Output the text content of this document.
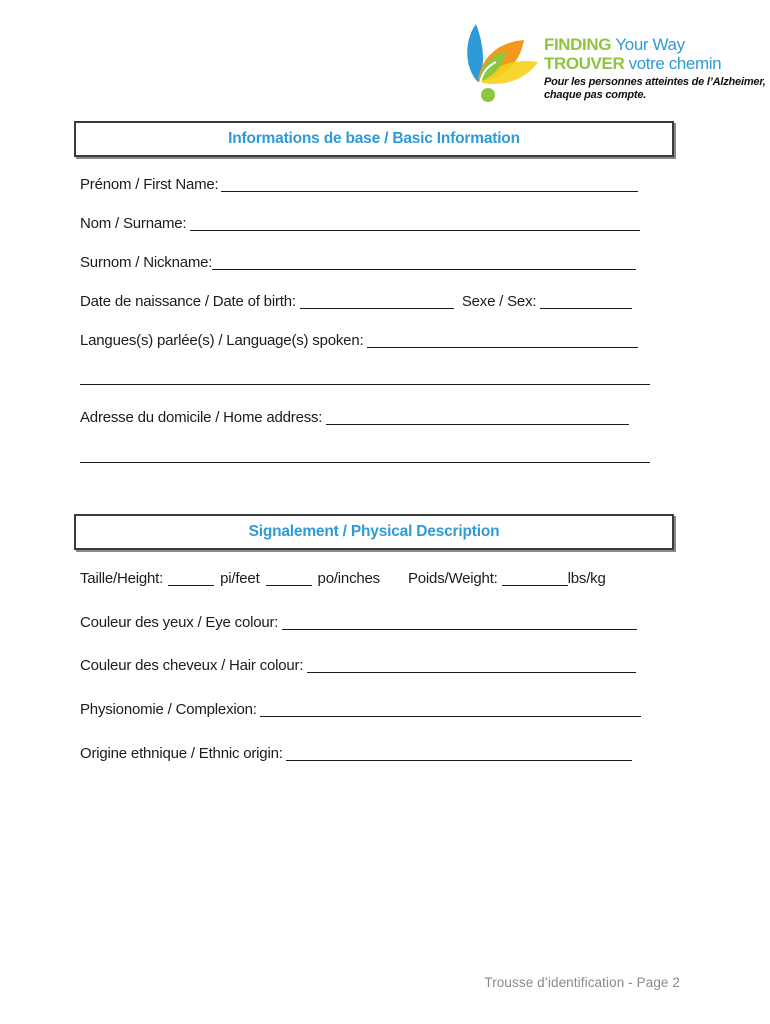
FINDING Your Way
TROUVER votre chemin
Pour les personnes atteintes de l’Alzheimer,
chaque pas compte.
Informations de base / Basic Information
Prénom / First Name:
Nom / Surname:
Surnom / Nickname:
Date de naissance / Date of birth:	Sexe / Sex:
Langues(s) parlée(s) / Language(s) spoken:
Adresse du domicile / Home address:
Signalement / Physical Description
Taille/Height:	pi/feet	po/inches Poids/Weight:	lbs/kg
Couleur des yeux / Eye colour:
Couleur des cheveux / Hair colour:
Physionomie / Complexion:
Origine ethnique / Ethnic origin:
Trousse d’identification - Page 2
